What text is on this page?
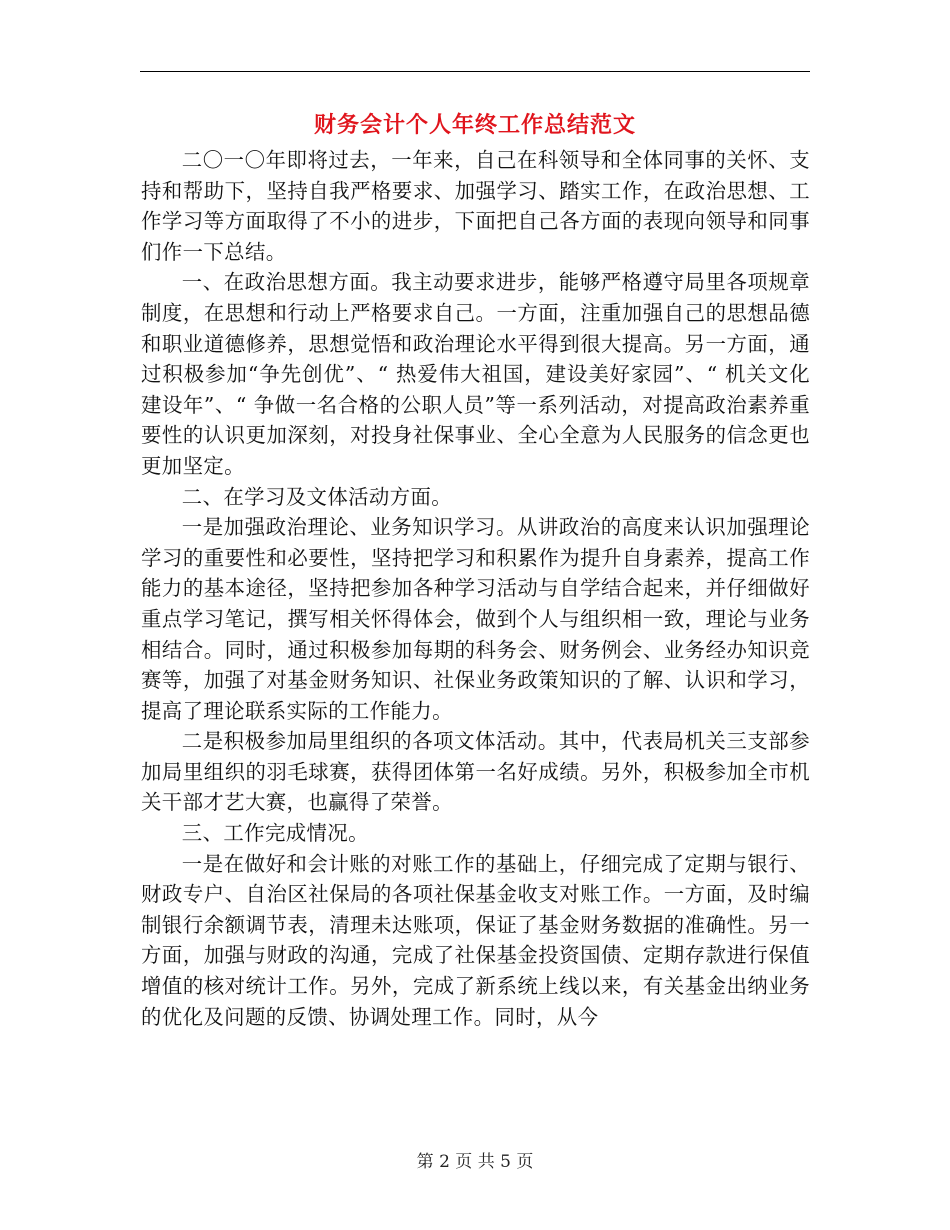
财务会计个人年终工作总结范文

二〇一〇年即将过去，一年来，自己在科领导和全体同事的关怀、支持和帮助下，坚持自我严格要求、加强学习、踏实工作，在政治思想、工作学习等方面取得了不小的进步，下面把自己各方面的表现向领导和同事们作一下总结。

一、在政治思想方面。我主动要求进步，能够严格遵守局里各项规章制度，在思想和行动上严格要求自己。一方面，注重加强自己的思想品德和职业道德修养，思想觉悟和政治理论水平得到很大提高。另一方面，通过积极参加“争先创优”、“ 热爱伟大祖国，建设美好家园”、“ 机关文化建设年”、“ 争做一名合格的公职人员”等一系列活动，对提高政治素养重要性的认识更加深刻，对投身社保事业、全心全意为人民服务的信念更也更加坚定。

二、在学习及文体活动方面。

一是加强政治理论、业务知识学习。从讲政治的高度来认识加强理论学习的重要性和必要性，坚持把学习和积累作为提升自身素养，提高工作能力的基本途径，坚持把参加各种学习活动与自学结合起来，并仔细做好重点学习笔记，撰写相关怀得体会，做到个人与组织相一致，理论与业务相结合。同时，通过积极参加每期的科务会、财务例会、业务经办知识竞赛等，加强了对基金财务知识、社保业务政策知识的了解、认识和学习，提高了理论联系实际的工作能力。

二是积极参加局里组织的各项文体活动。其中，代表局机关三支部参加局里组织的羽毛球赛，获得团体第一名好成绩。另外，积极参加全市机关干部才艺大赛，也赢得了荣誉。

三、工作完成情况。

一是在做好和会计账的对账工作的基础上，仔细完成了定期与银行、财政专户、自治区社保局的各项社保基金收支对账工作。一方面，及时编制银行余额调节表，清理未达账项，保证了基金财务数据的准确性。另一方面，加强与财政的沟通，完成了社保基金投资国债、定期存款进行保值增值的核对统计工作。另外，完成了新系统上线以来，有关基金出纳业务的优化及问题的反馈、协调处理工作。同时，从今

第 2 页 共 5 页
